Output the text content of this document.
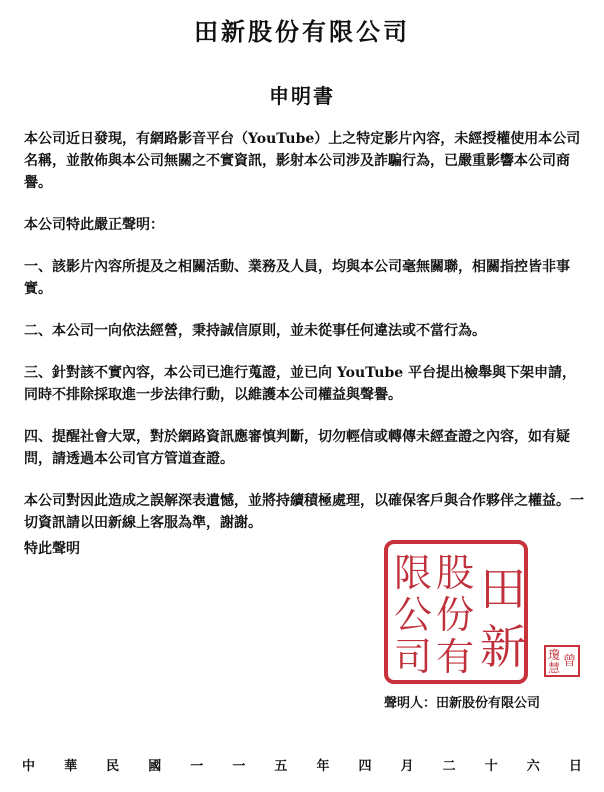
田新股份有限公司
申明書

本公司近日發現，有網路影音平台（YouTube）上之特定影片內容，未經授權使用本公司名稱，並散佈與本公司無關之不實資訊，影射本公司涉及詐騙行為，已嚴重影響本公司商譽。

本公司特此嚴正聲明：

一、該影片內容所提及之相關活動、業務及人員，均與本公司毫無關聯，相關指控皆非事實。

二、本公司一向依法經營，秉持誠信原則，並未從事任何違法或不當行為。

三、針對該不實內容，本公司已進行蒐證，並已向 YouTube 平台提出檢舉與下架申請，同時不排除採取進一步法律行動，以維護本公司權益與聲譽。

四、提醒社會大眾，對於網路資訊應審慎判斷，切勿輕信或轉傳未經查證之內容，如有疑問，請透過本公司官方管道查證。

本公司對因此造成之誤解深表遺憾，並將持續積極處理，以確保客戶與合作夥伴之權益。一切資訊請以田新線上客服為準，謝謝。

特此聲明
限
公
司
股
份
有
田
新 瓊
慧 曾
聲明人：田新股份有限公司
中 華 民 國 一 一 五 年 四 月 二 十 六 日
